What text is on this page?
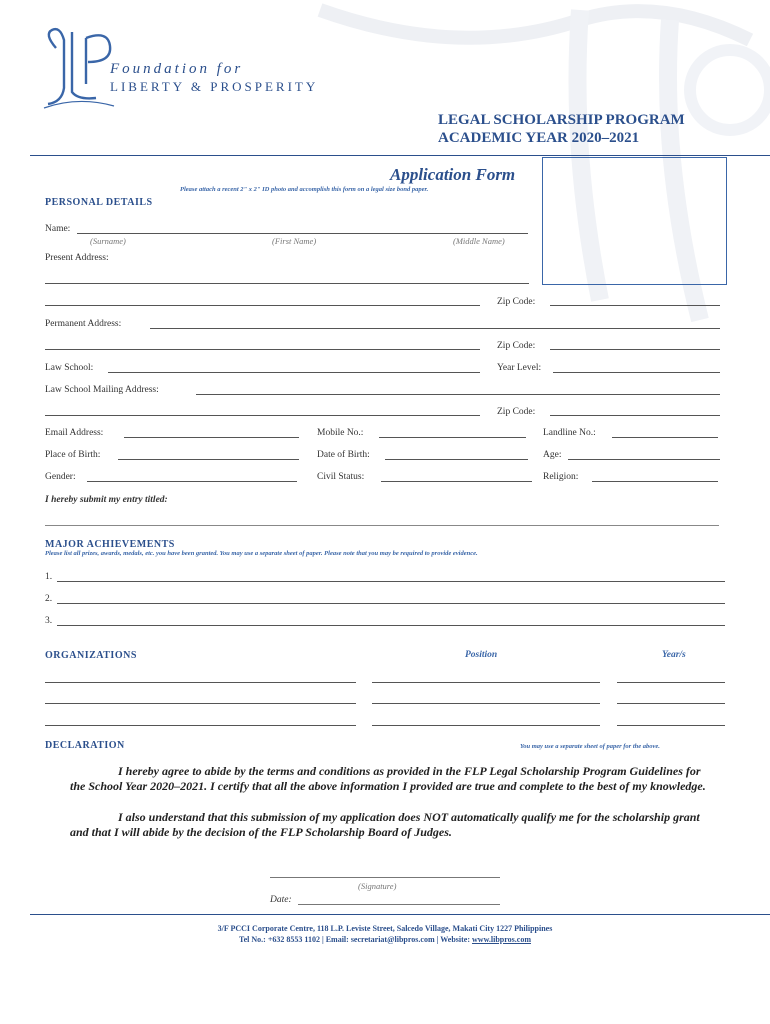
Foundation for
LIBERTY & PROSPERITY
LEGAL SCHOLARSHIP PROGRAM
ACADEMIC YEAR 2020–2021
Application Form
Please attach a recent 2" x 2" ID photo and accomplish this form on a legal size bond paper.
PERSONAL DETAILS
Name:
(Surname)	(First Name)	(Middle Name)
Present Address:
Zip Code:
Permanent Address:
Zip Code:
Law School:	Year Level:
Law School Mailing Address:
Zip Code:
Email Address:	Mobile No.:	Landline No.:
Place of Birth:	Date of Birth:	Age:
Gender:	Civil Status:	Religion:
I hereby submit my entry titled:
MAJOR ACHIEVEMENTS
Please list all prizes, awards, medals, etc. you have been granted. You may use a separate sheet of paper. Please note that you may be required to provide evidence.
1.
2.
3.
ORGANIZATIONS	Position	Year/s
DECLARATION	You may use a separate sheet of paper for the above.
I hereby agree to abide by the terms and conditions as provided in the FLP Legal Scholarship Program Guidelines for the School Year 2020–2021. I certify that all the above information I provided are true and complete to the best of my knowledge.
I also understand that this submission of my application does NOT automatically qualify me for the scholarship grant and that I will abide by the decision of the FLP Scholarship Board of Judges.
(Signature)
Date:
3/F PCCI Corporate Centre, 118 L.P. Leviste Street, Salcedo Village, Makati City 1227 Philippines
Tel No.: +632 8553 1102 | Email: secretariat@libpros.com | Website: www.libpros.com
